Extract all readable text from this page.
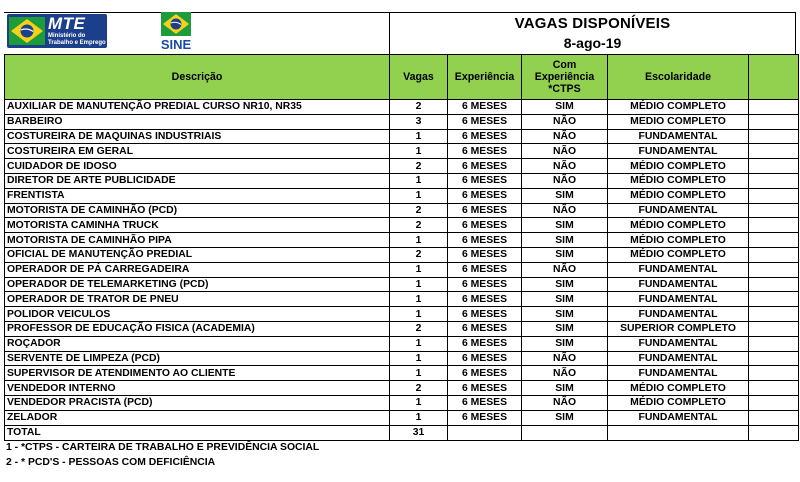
MTE
Ministério do Trabalho e Emprego	SINE
VAGAS DISPONÍVEIS
8-ago-19
Descrição	Vagas	Experiência	Com Experiência *CTPS	Escolaridade	
AUXILIAR DE MANUTENÇÃO PREDIAL CURSO NR10, NR35	2	6 MESES	SIM	MÉDIO COMPLETO	
BARBEIRO	3	6 MESES	NÃO	MEDIO COMPLETO	
COSTUREIRA DE MAQUINAS INDUSTRIAIS	1	6 MESES	NÃO	FUNDAMENTAL	
COSTUREIRA EM GERAL	1	6 MESES	NÃO	FUNDAMENTAL	
CUIDADOR DE IDOSO	2	6 MESES	NÃO	MÉDIO COMPLETO	
DIRETOR DE ARTE PUBLICIDADE	1	6 MESES	NÃO	MÉDIO COMPLETO	
FRENTISTA	1	6 MESES	SIM	MÉDIO COMPLETO	
MOTORISTA DE CAMINHÃO (PCD)	2	6 MESES	NÃO	FUNDAMENTAL	
MOTORISTA CAMINHA TRUCK	2	6 MESES	SIM	MÉDIO COMPLETO	
MOTORISTA DE CAMINHÃO PIPA	1	6 MESES	SIM	MÉDIO COMPLETO	
OFICIAL DE MANUTENÇÃO PREDIAL	2	6 MESES	SIM	MÉDIO COMPLETO	
OPERADOR DE PÁ CARREGADEIRA	1	6 MESES	NÃO	FUNDAMENTAL	
OPERADOR DE TELEMARKETING (PCD)	1	6 MESES	SIM	FUNDAMENTAL	
OPERADOR DE TRATOR DE PNEU	1	6 MESES	SIM	FUNDAMENTAL	
POLIDOR VEICULOS	1	6 MESES	SIM	FUNDAMENTAL	
PROFESSOR DE EDUCAÇÃO FISICA (ACADEMIA)	2	6 MESES	SIM	SUPERIOR COMPLETO	
ROÇADOR	1	6 MESES	SIM	FUNDAMENTAL	
SERVENTE DE LIMPEZA (PCD)	1	6 MESES	NÃO	FUNDAMENTAL	
SUPERVISOR DE ATENDIMENTO AO CLIENTE	1	6 MESES	NÃO	FUNDAMENTAL	
VENDEDOR INTERNO	2	6 MESES	SIM	MÉDIO COMPLETO	
VENDEDOR PRACISTA (PCD)	1	6 MESES	NÃO	MÉDIO COMPLETO	
ZELADOR	1	6 MESES	SIM	FUNDAMENTAL	
TOTAL	31				
1 - *CTPS - CARTEIRA DE TRABALHO E PREVIDÊNCIA SOCIAL
2 - * PCD'S - PESSOAS COM DEFICIÊNCIA
